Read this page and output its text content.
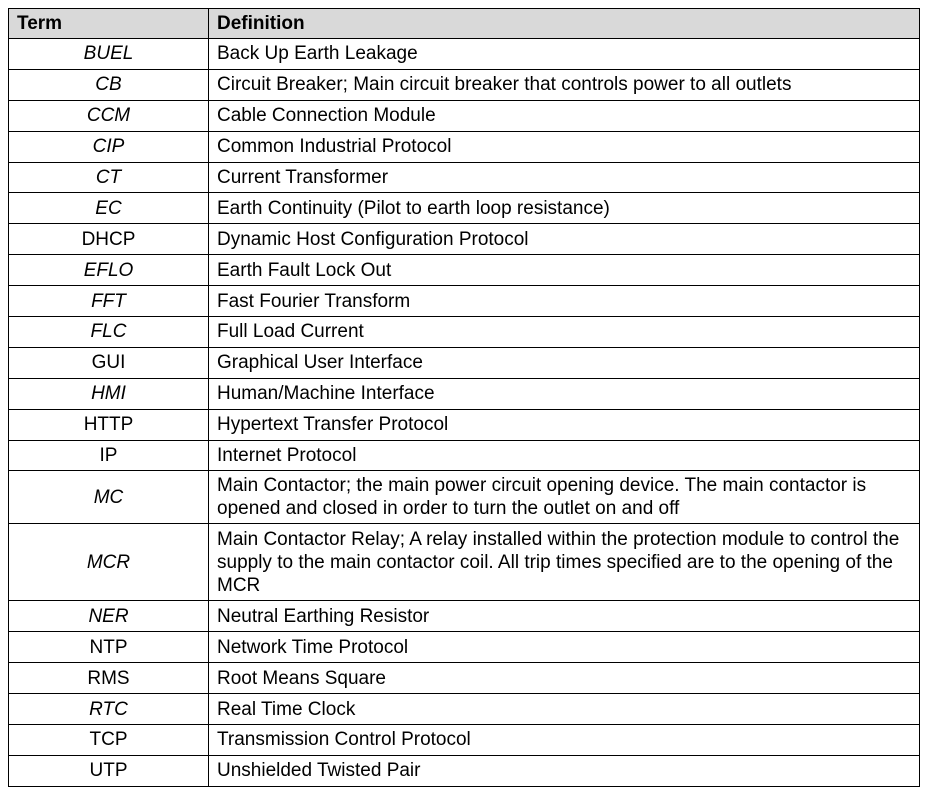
Term	Definition
BUEL	Back Up Earth Leakage
CB	Circuit Breaker; Main circuit breaker that controls power to all outlets
CCM	Cable Connection Module
CIP	Common Industrial Protocol
CT	Current Transformer
EC	Earth Continuity (Pilot to earth loop resistance)
DHCP	Dynamic Host Configuration Protocol
EFLO	Earth Fault Lock Out
FFT	Fast Fourier Transform
FLC	Full Load Current
GUI	Graphical User Interface
HMI	Human/Machine Interface
HTTP	Hypertext Transfer Protocol
IP	Internet Protocol
MC	Main Contactor; the main power circuit opening device. The main contactor is opened and closed in order to turn the outlet on and off
MCR	Main Contactor Relay; A relay installed within the protection module to control the supply to the main contactor coil. All trip times specified are to the opening of the MCR
NER	Neutral Earthing Resistor
NTP	Network Time Protocol
RMS	Root Means Square
RTC	Real Time Clock
TCP	Transmission Control Protocol
UTP	Unshielded Twisted Pair
